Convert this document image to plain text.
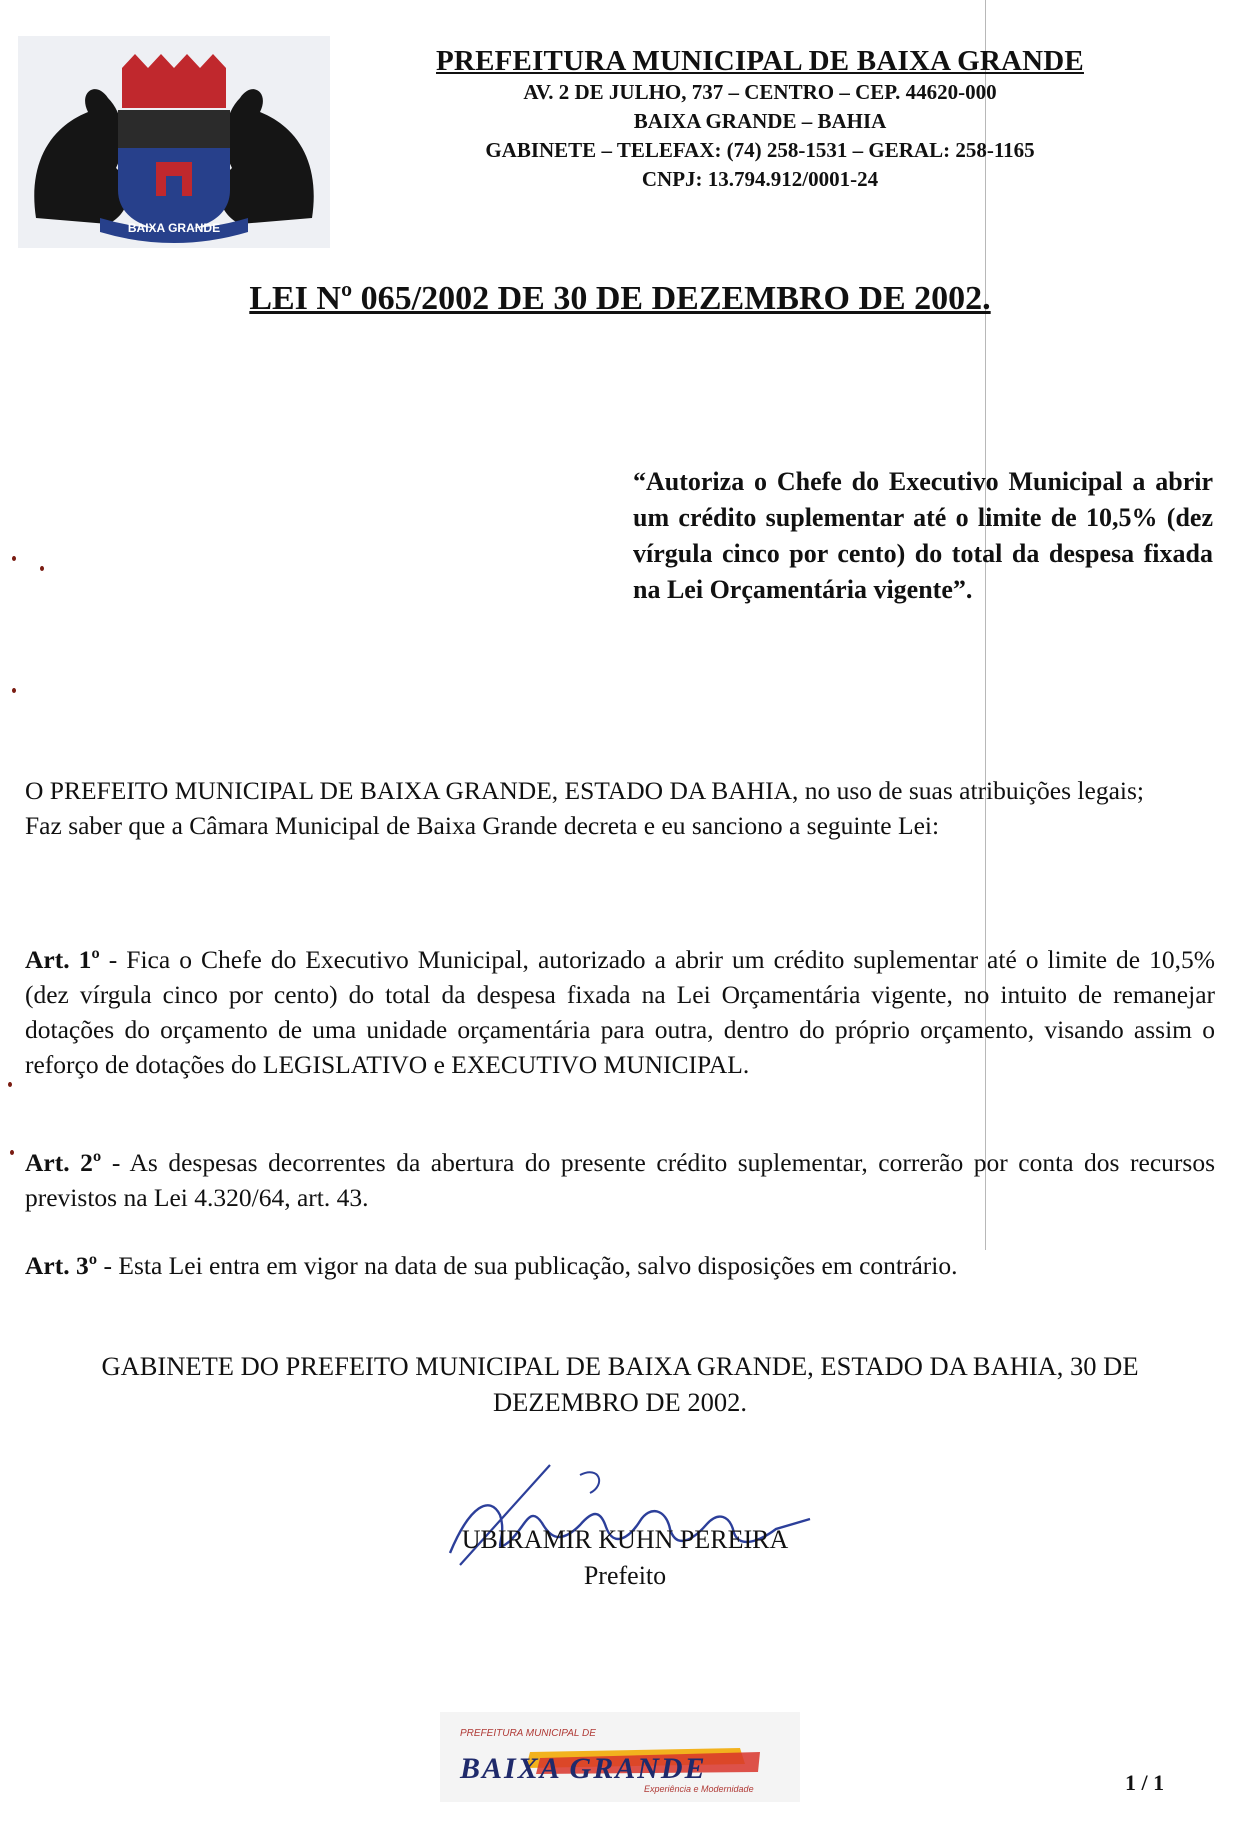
BAIXA GRANDE
PREFEITURA MUNICIPAL DE BAIXA GRANDE
AV. 2 DE JULHO, 737 – CENTRO – CEP. 44620-000
BAIXA GRANDE – BAHIA
GABINETE – TELEFAX: (74) 258-1531 – GERAL: 258-1165
CNPJ: 13.794.912/0001-24
LEI Nº 065/2002 DE 30 DE DEZEMBRO DE 2002.
“Autoriza o Chefe do Executivo Municipal a abrir um crédito suplementar até o limite de 10,5% (dez vírgula cinco por cento) do total da despesa fixada na Lei Orçamentária vigente”.
O PREFEITO MUNICIPAL DE BAIXA GRANDE, ESTADO DA BAHIA, no uso de suas atribuições legais;
Faz saber que a Câmara Municipal de Baixa Grande decreta e eu sanciono a seguinte Lei:
Art. 1º - Fica o Chefe do Executivo Municipal, autorizado a abrir um crédito suplementar até o limite de 10,5% (dez vírgula cinco por cento) do total da despesa fixada na Lei Orçamentária vigente, no intuito de remanejar dotações do orçamento de uma unidade orçamentária para outra, dentro do próprio orçamento, visando assim o reforço de dotações do LEGISLATIVO e EXECUTIVO MUNICIPAL.
Art. 2º - As despesas decorrentes da abertura do presente crédito suplementar, correrão por conta dos recursos previstos na Lei 4.320/64, art. 43.
Art. 3º - Esta Lei entra em vigor na data de sua publicação, salvo disposições em contrário.
GABINETE DO PREFEITO MUNICIPAL DE BAIXA GRANDE, ESTADO DA BAHIA, 30 DE DEZEMBRO DE 2002.
UBIRAMIR KUHN PEREIRA
Prefeito
PREFEITURA MUNICIPAL DE
BAIXA GRANDE
Experiência e Modernidade	1 / 1
